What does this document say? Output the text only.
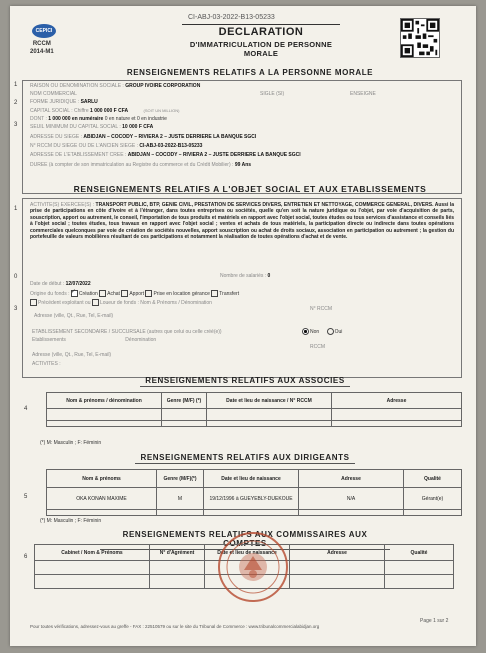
CEPICI
RCCM
2014-M1
CI-ABJ-03-2022-B13-05233
DECLARATION
D'IMMATRICULATION DE PERSONNE MORALE
RENSEIGNEMENTS RELATIFS A LA PERSONNE MORALE
1
2
3
RAISON OU DENOMINATION SOCIALE : GROUP IVOIRE CORPORATION
NOM COMMERCIAL	SIGLE (SI)	ENSEIGNE
FORME JURIDIQUE : SARLU
CAPITAL SOCIAL : Chiffre 1 000 000 F CFA	(SOIT UN MILLION)
DONT : 1 000 000 en numéraire 0 en nature et 0 en industrie
SEUIL MINIMUM DU CAPITAL SOCIAL : 10 000 F CFA
ADRESSE DU SIEGE : ABIDJAN – COCODY – RIVIERA 2 – JUSTE DERRIERE LA BANQUE SGCI
N° RCCM DU SIEGE OU DE L'ANCIEN SIEGE : CI-ABJ-03-2022-B13-05233
ADRESSE DE L'ETABLISSEMENT CREE : ABIDJAN – COCODY – RIVIERA 2 – JUSTE DERRIERE LA BANQUE SGCI
DUREE (à compter de son immatriculation au Registre du commerce et du Crédit Mobilier) : 99 Ans
RENSEIGNEMENTS RELATIFS A L'OBJET SOCIAL ET AUX ETABLISSEMENTS
1
0
3
ACTIVITE(S) EXERCEE(S) : TRANSPORT PUBLIC, BTP, GENIE CIVIL, PRESTATION DE SERVICES DIVERS, ENTRETIEN ET NETTOYAGE, COMMERCE GENERAL, DIVERS. Aussi la prise de participations en côte d'ivoire et à l'étranger, dans toutes entreprises ou sociétés, quelle qu'en soit la nature juridique ou l'objet, par voie d'acquisition de parts, souscription, apport ou autrement, le conseil, l'importation de tous produits et matériels en rapport avec l'objet social, toutes études ou tous services d'assistance et conseils liés à l'objet social ; toutes études, tous travaux en rapport avec l'objet social ; ventes et achats de tous matériels, la participation directe ou indirecte dans toutes opérations commerciales quelconques par voie de création de sociétés nouvelles, apport souscription ou achat de droits sociaux, association en participation ou autrement ; la gestion du portefeuille de valeurs mobilières résultant de ces participations et notamment la réalisation de toutes opérations d'achat et de vente.
Nombre de salariés : 0
Date de début : 12/07/2022
Origine du fonds : ✓ Création Achat Apport Prise en location gérance Transfert
Précédent exploitant ou Loueur de fonds : Nom & Prénoms / Dénomination
N° RCCM
Adresse (ville, Qt., Rue, Tel, E-mail)
ETABLISSEMENT SECONDAIRE / SUCCURSALE (autres que celui ou celle créé(e))	Non	Oui
Etablissements	Dénomination
RCCM
Adresse (ville, Qt., Rue, Tel, E-mail)
ACTIVITES :
RENSEIGNEMENTS RELATIFS AUX ASSOCIES
4
Nom & prénoms / dénomination	Genre (M/F) (*)	Date et lieu de naissance / N° RCCM	Adresse

(*) M: Masculin ; F: Féminin
RENSEIGNEMENTS RELATIFS AUX DIRIGEANTS
5
Nom & prénoms	Genre (M/F)(*)	Date et lieu de naissance	Adresse	Qualité
OKA KONAN MAXIME	M	19/12/1996 à GUEYEBLY-DUEKOUE	N/A	Gérant(e)

(*) M: Masculin ; F: Féminin
RENSEIGNEMENTS RELATIFS AUX COMMISSAIRES AUX COMPTES
6
Cabinet / Nom & Prénoms	N° d'Agrément	Date et lieu de naissance	Adresse	Qualité

Pour toutes vérifications, adressez-vous au greffe - FAX : 22510579 ou sur le site du Tribunal de Commerce : www.tribunalcommercialabidjan.org
Page 1 sur 2
